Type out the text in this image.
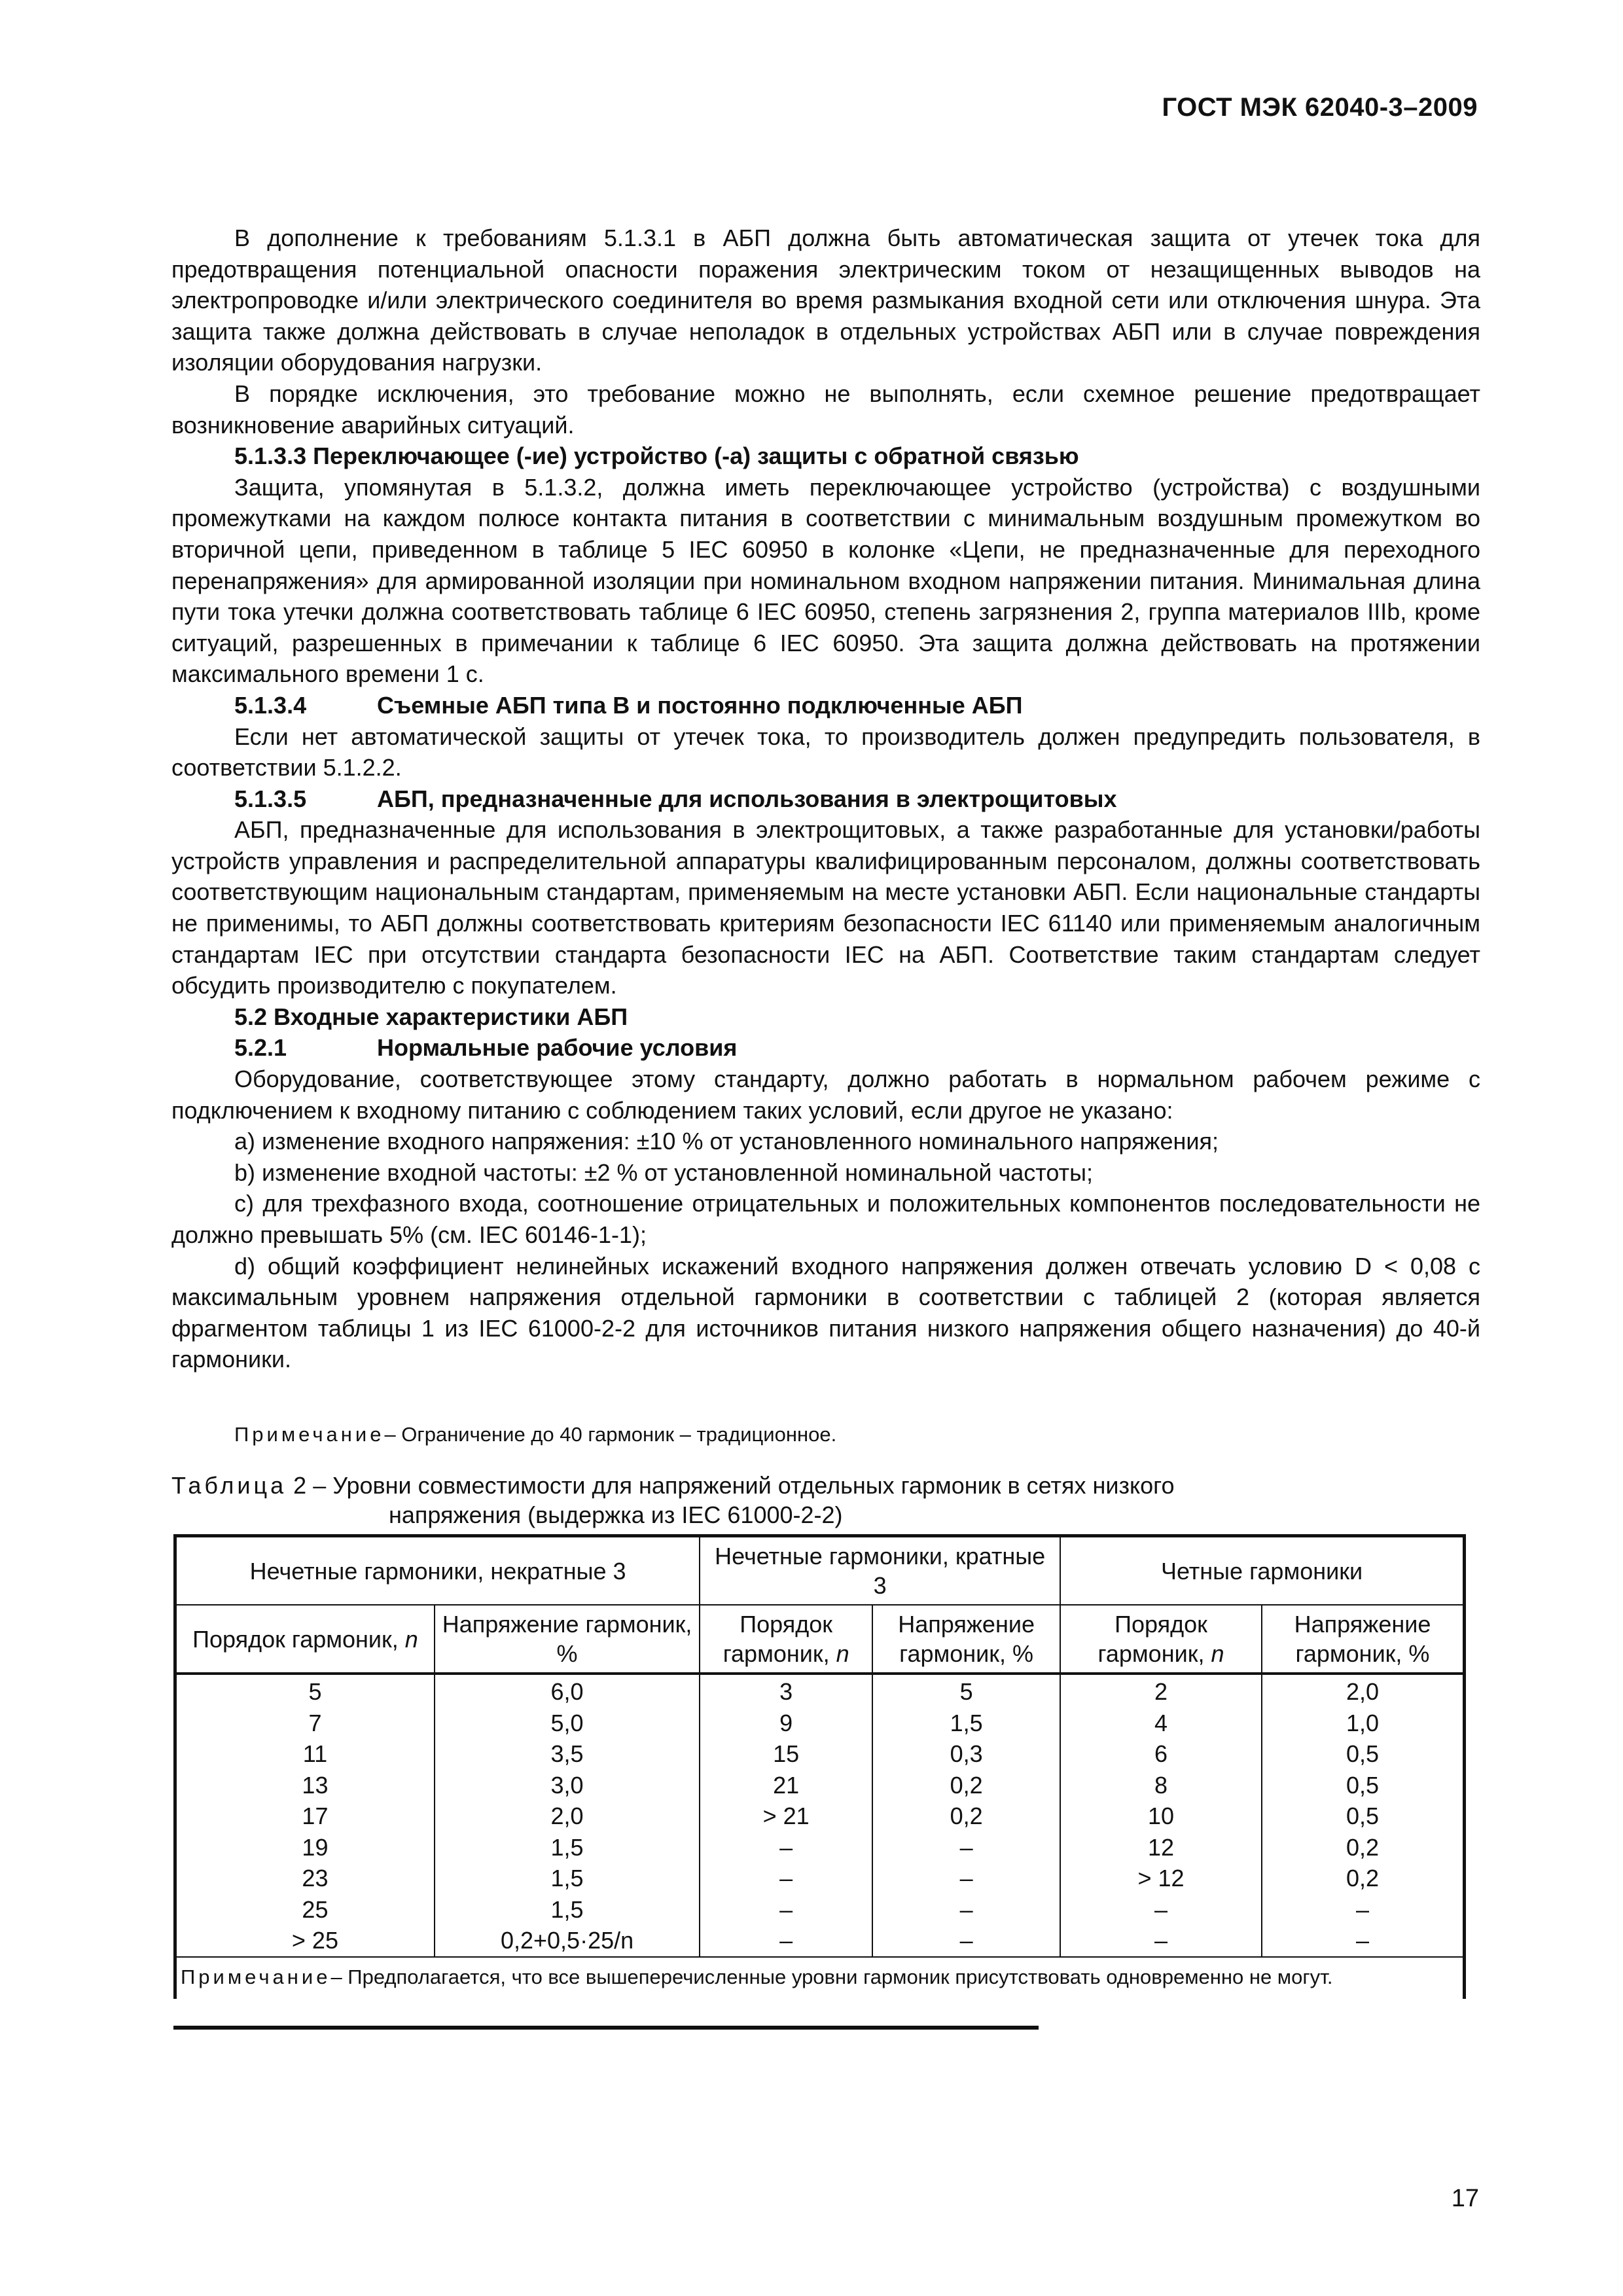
ГОСТ МЭК 62040-3–2009

В дополнение к требованиям 5.1.3.1 в АБП должна быть автоматическая защита от утечек тока для предотвращения потенциальной опасности поражения электрическим током от незащищенных выводов на электропроводке и/или электрического соединителя во время размыкания входной сети или отключения шнура. Эта защита также должна действовать в случае неполадок в отдельных устройствах АБП или в случае повреждения изоляции оборудования нагрузки.

В порядке исключения, это требование можно не выполнять, если схемное решение предотвращает возникновение аварийных ситуаций.

5.1.3.3 Переключающее (-ие) устройство (-а) защиты с обратной связью

Защита, упомянутая в 5.1.3.2, должна иметь переключающее устройство (устройства) с воздушными промежутками на каждом полюсе контакта питания в соответствии с минимальным воздушным промежутком во вторичной цепи, приведенном в таблице 5 IEC 60950 в колонке «Цепи, не предназначенные для переходного перенапряжения» для армированной изоляции при номинальном входном напряжении питания. Минимальная длина пути тока утечки должна соответствовать таблице 6 IEC 60950, степень загрязнения 2, группа материалов IIIb, кроме ситуаций, разрешенных в примечании к таблице 6 IEC 60950. Эта защита должна действовать на протяжении максимального времени 1 с.

5.1.3.4	Съемные АБП типа B и постоянно подключенные АБП

Если нет автоматической защиты от утечек тока, то производитель должен предупредить пользователя, в соответствии 5.1.2.2.

5.1.3.5	АБП, предназначенные для использования в электрощитовых

АБП, предназначенные для использования в электрощитовых, а также разработанные для установки/работы устройств управления и распределительной аппаратуры квалифицированным персоналом, должны соответствовать соответствующим национальным стандартам, применяемым на месте установки АБП. Если национальные стандарты не применимы, то АБП должны соответствовать критериям безопасности IEC 61140 или применяемым аналогичным стандартам IEC при отсутствии стандарта безопасности IEC на АБП. Соответствие таким стандартам следует обсудить производителю с покупателем.

5.2 Входные характеристики АБП

5.2.1	Нормальные рабочие условия

Оборудование, соответствующее этому стандарту, должно работать в нормальном рабочем режиме с подключением к входному питанию с соблюдением таких условий, если другое не указано:

a) изменение входного напряжения: ±10 % от установленного номинального напряжения;

b) изменение входной частоты: ±2 % от установленной номинальной частоты;

c) для трехфазного входа, соотношение отрицательных и положительных компонентов последовательности не должно превышать 5% (см. IEC 60146-1-1);

d) общий коэффициент нелинейных искажений входного напряжения должен отвечать условию D < 0,08 с максимальным уровнем напряжения отдельной гармоники в соответствии с таблицей 2 (которая является фрагментом таблицы 1 из IEC 61000-2-2 для источников питания низкого напряжения общего назначения) до 40-й гармоники.

Примечание– Ограничение до 40 гармоник – традиционное.
Таблица 2 – Уровни совместимости для напряжений отдельных гармоник в сетях низкого
напряжения (выдержка из IEC 61000-2-2)
Нечетные гармоники, некратные 3		Нечетные гармоники, кратные 3		Четные гармоники	
Порядок гармоник, n	Напряжение гармоник, %	Порядок гармоник, n	Напряжение гармоник, %	Порядок гармоник, n	Напряжение гармоник, %
5	6,0	3	5	2	2,0
7	5,0	9	1,5	4	1,0
11	3,5	15	0,3	6	0,5
13	3,0	21	0,2	8	0,5
17	2,0	> 21	0,2	10	0,5
19	1,5	–	–	12	0,2
23	1,5	–	–	> 12	0,2
25	1,5	–	–	–	–
> 25	0,2+0,5·25/n	–	–	–	–

Примечание– Предполагается, что все вышеперечисленные уровни гармоник присутствовать одновременно не могут.					
17
